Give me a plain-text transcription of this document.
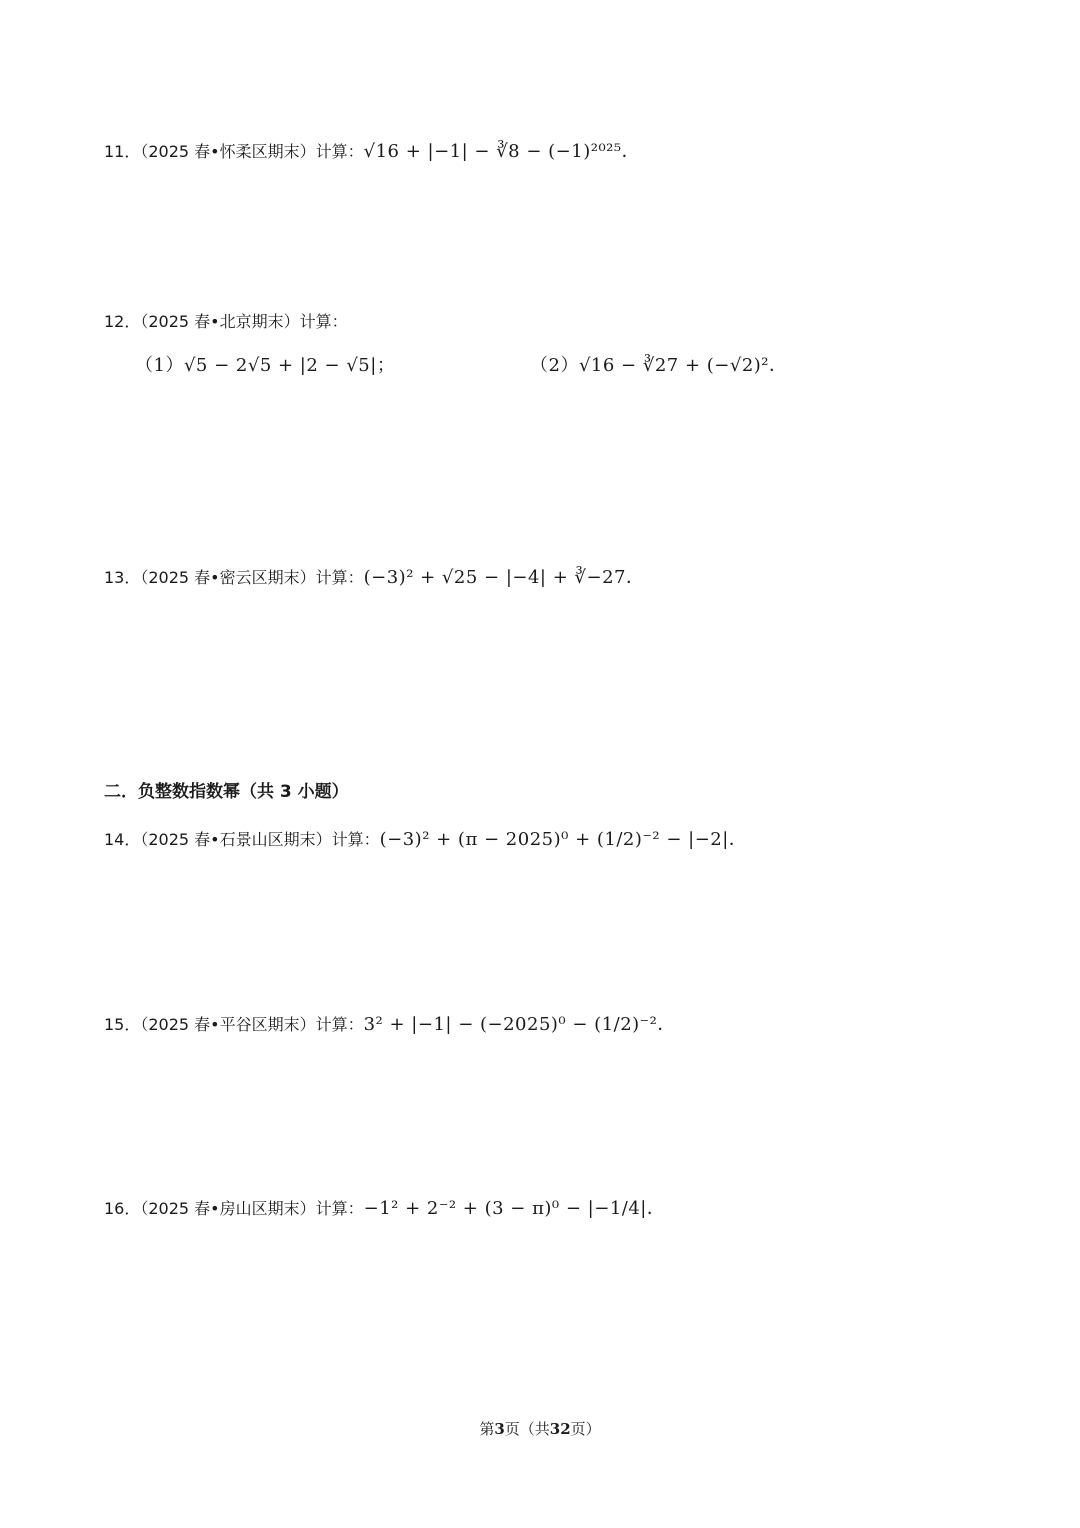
11．（2025 春•怀柔区期末）计算：√16 + |−1| − ∛8 − (−1)²⁰²⁵．
12．（2025 春•北京期末）计算：
（1）√5 − 2√5 + |2 − √5|；	（2）√16 − ∛27 + (−√2)²．
13．（2025 春•密云区期末）计算：(−3)² + √25 − |−4| + ∛−27．
二．负整数指数幂（共 3 小题）
14．（2025 春•石景山区期末）计算：(−3)² + (π − 2025)⁰ + (1/2)⁻² − |−2|．
15．（2025 春•平谷区期末）计算：3² + |−1| − (−2025)⁰ − (1/2)⁻²．
16．（2025 春•房山区期末）计算：−1² + 2⁻² + (3 − π)⁰ − |−1/4|．
第3页（共32页）
